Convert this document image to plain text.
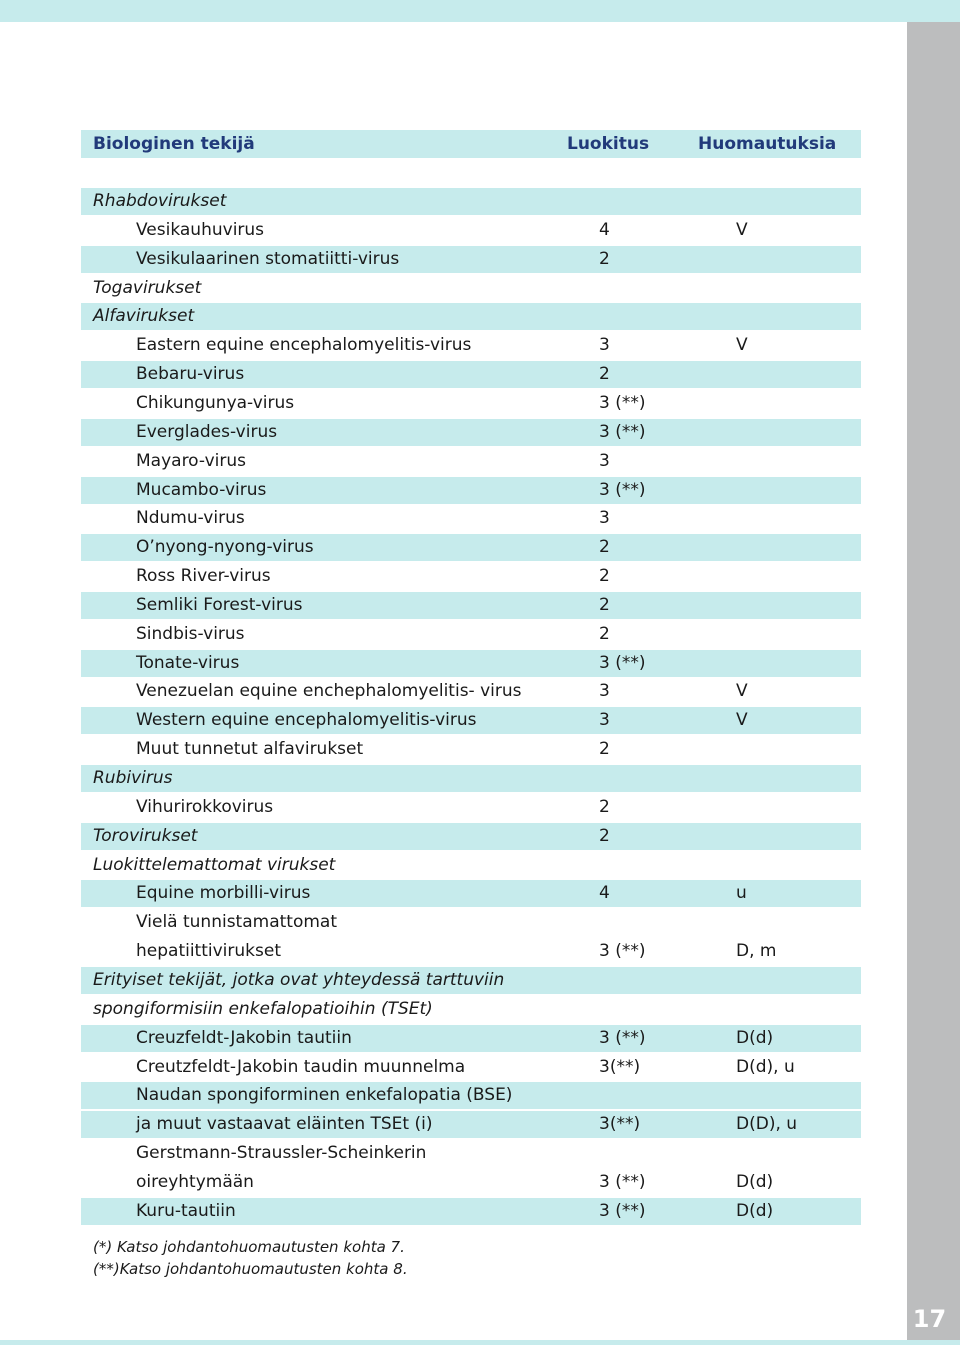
Biologinen tekijä	Luokitus	Huomautuksia
Rhabdovirukset
Vesikauhuvirus	4	V
Vesikulaarinen stomatiitti-virus	2
Togavirukset
Alfavirukset
Eastern equine encephalomyelitis-virus	3	V
Bebaru-virus	2
Chikungunya-virus	3 (**)
Everglades-virus	3 (**)
Mayaro-virus	3
Mucambo-virus	3 (**)
Ndumu-virus	3
O’nyong-nyong-virus	2
Ross River-virus	2
Semliki Forest-virus	2
Sindbis-virus	2
Tonate-virus	3 (**)
Venezuelan equine enchephalomyelitis- virus	3	V
Western equine encephalomyelitis-virus	3	V
Muut tunnetut alfavirukset	2
Rubivirus
Vihurirokkovirus	2
Torovirukset	2
Luokittelemattomat virukset
Equine morbilli-virus	4	u
Vielä tunnistamattomat
hepatiittivirukset	3 (**)	D, m
Erityiset tekijät, jotka ovat yhteydessä tarttuviin
spongiformisiin enkefalopatioihin (TSEt)
Creuzfeldt-Jakobin tautiin	3 (**)	D(d)
Creutzfeldt-Jakobin taudin muunnelma	3(**)	D(d), u
Naudan spongiforminen enkefalopatia (BSE)
ja muut vastaavat eläinten TSEt (i)	3(**)	D(D), u
Gerstmann-Straussler-Scheinkerin
oireyhtymään	3 (**)	D(d)
Kuru-tautiin	3 (**)	D(d)
(*) Katso johdantohuomautusten kohta 7.
(**)Katso johdantohuomautusten kohta 8.
17
